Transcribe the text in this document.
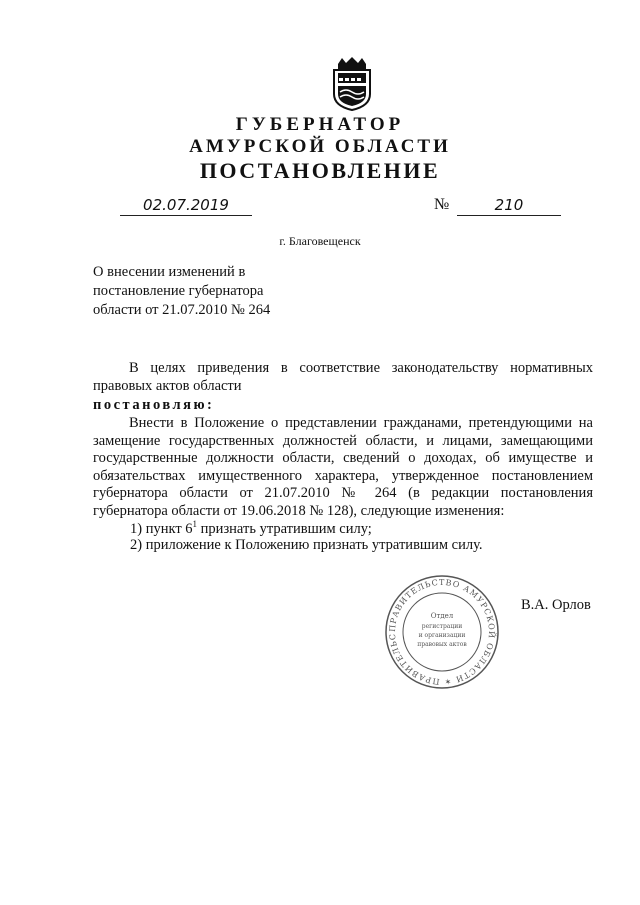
ГУБЕРНАТОР
АМУРСКОЙ ОБЛАСТИ
ПОСТАНОВЛЕНИЕ
02.07.2019	№	210
г. Благовещенск

О внесении изменений в

постановление губернатора

области от 21.07.2010 № 264

В целях приведения в соответствие законодательству нормативных правовых актов области
постановляю:
Внести в Положение о представлении гражданами, претендующими на замещение государственных должностей области, и лицами, замещающими государственные должности области, сведений о доходах, об имуществе и обязательствах имущественного характера, утвержденное постановлением губернатора области от 21.07.2010 № 264 (в редакции постановления губернатора области от 19.06.2018 № 128), следующие изменения:
1) пункт $6^1$ признать утратившим силу;
2) приложение к Положению признать утратившим силу.
ПРАВИТЕЛЬСТВО АМУРСКОЙ ОБЛАСТИ ✶ ПРАВИТЕЛЬС
Отдел
регистрации
и организации
правовых актов
В.А. Орлов
